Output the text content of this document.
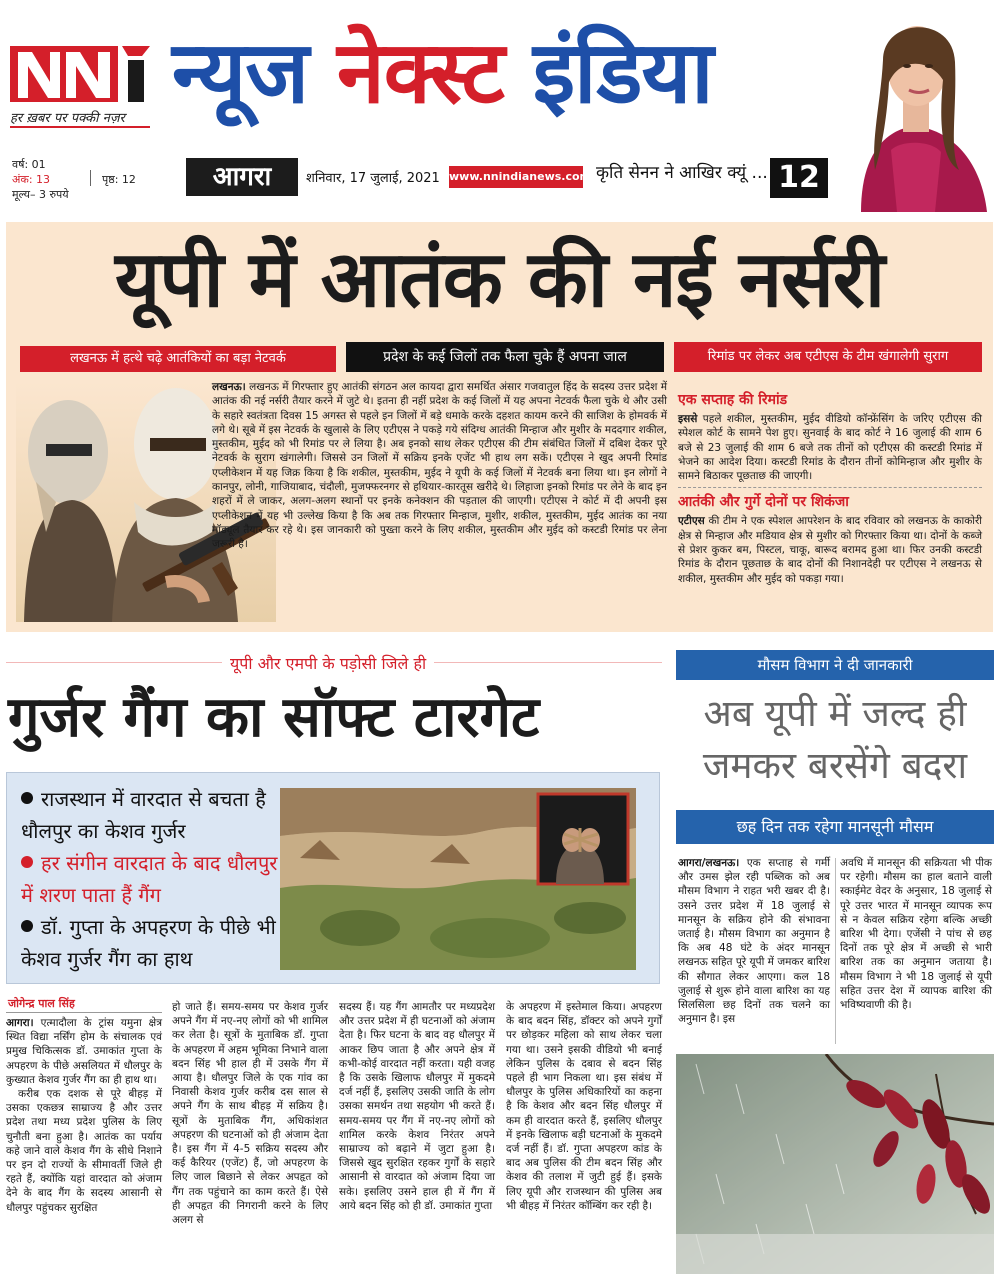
हर ख़बर पर पक्की नज़र न्यूज नेक्स्ट इंडिया
वर्ष: 01
अंक: 13
मूल्य– 3 रुपये
पृष्ठ: 12	आगरा	शनिवार, 17 जुलाई, 2021 www.nnindianews.com कृति सेनन ने आखिर क्यूं ... 12
यूपी में आतंक की नई नर्सरी
लखनऊ में हत्थे चढ़े आतंकियों का बड़ा नेटवर्क	प्रदेश के कई जिलों तक फैला चुके हैं अपना जाल	रिमांड पर लेकर अब एटीएस के टीम खंगालेगी सुराग
लखनऊ। लखनऊ में गिरफ्तार हुए आतंकी संगठन अल कायदा द्वारा समर्थित अंसार गजवातुल हिंद के सदस्य उत्तर प्रदेश में आतंक की नई नर्सरी तैयार करने में जुटे थे। इतना ही नहीं प्रदेश के कई जिलों में यह अपना नेटवर्क फैला चुके थे और उसी के सहारे स्वतंत्रता दिवस 15 अगस्त से पहले इन जिलों में बड़े धमाके करके दहशत कायम करने की साजिश के होमवर्क में लगे थे। सूबे में इस नेटवर्क के खुलासे के लिए एटीएस ने पकड़े गये संदिग्ध आतंकी मिन्हाज और मुशीर के मददगार शकील, मुस्तकीम, मुईद को भी रिमांड पर ले लिया है। अब इनको साथ लेकर एटीएस की टीम संबंधित जिलों में दबिश देकर पूरे नेटवर्क के सुराग खंगालेगी। जिससे उन जिलों में सक्रिय इनके एजेंट भी हाथ लग सकें। एटीएस ने खुद अपनी रिमांड एप्लीकेशन में यह जिक्र किया है कि शकील, मुस्तकीम, मुईद ने यूपी के कई जिलों में नेटवर्क बना लिया था। इन लोगों ने कानपुर, लोनी, गाजियाबाद, चंदौली, मुजफ्फरनगर से हथियार-कारतूस खरीदे थे। लिहाजा इनको रिमांड पर लेने के बाद इन शहरों में ले जाकर, अलग-अलग स्थानों पर इनके कनेक्शन की पड़ताल की जाएगी। एटीएस ने कोर्ट में दी अपनी इस एप्लीकेशन में यह भी उल्लेख किया है कि अब तक गिरफ्तार मिन्हाज, मुशीर, शकील, मुस्तकीम, मुईद आतंक का नया मॉड्यूल तैयार कर रहे थे। इस जानकारी को पुख्ता करने के लिए शकील, मुस्तकीम और मुईद को कस्टडी रिमांड पर लेना जरूरी है।
एक सप्ताह की रिमांड

इससे पहले शकील, मुस्तकीम, मुईद वीडियो कॉन्फ्रेंसिंग के जरिए एटीएस की स्पेशल कोर्ट के सामने पेश हुए। सुनवाई के बाद कोर्ट ने 16 जुलाई की शाम 6 बजे से 23 जुलाई की शाम 6 बजे तक तीनों को एटीएस की कस्टडी रिमांड में भेजने का आदेश दिया। कस्टडी रिमांड के दौरान तीनों कोमिन्हाज और मुशीर के सामने बिठाकर पूछताछ की जाएगी।

आतंकी और गुर्गे दोनों पर शिकंजा

एटीएस की टीम ने एक स्पेशल आपरेशन के बाद रविवार को लखनऊ के काकोरी क्षेत्र से मिन्हाज और मडियाव क्षेत्र से मुशीर को गिरफ्तार किया था। दोनों के कब्जे से प्रेशर कुकर बम, पिस्टल, चाकू, बारूद बरामद हुआ था। फिर उनकी कस्टडी रिमांड के दौरान पूछताछ के बाद दोनों की निशानदेही पर एटीएस ने लखनऊ से शकील, मुस्तकीम और मुईद को पकड़ा गया।

यूपी और एमपी के पड़ोसी जिले ही
गुर्जर गैंग का सॉफ्ट टारगेट
राजस्थान में वारदात से बचता है धौलपुर का केशव गुर्जर
हर संगीन वारदात के बाद धौलपुर में शरण पाता हैं गैंग
डॉ. गुप्ता के अपहरण के पीछे भी केशव गुर्जर गैंग का हाथ
जोगेन्द्र पाल सिंह

आगरा। एत्मादौला के ट्रांस यमुना क्षेत्र स्थित विद्या नर्सिंग होम के संचालक एवं प्रमुख चिकित्सक डॉ. उमाकांत गुप्ता के अपहरण के पीछे असलियत में धौलपुर के कुख्यात केशव गुर्जर गैंग का ही हाथ था।

करीब एक दशक से पूरे बीहड़ में उसका एकछत्र साम्राज्य है और उत्तर प्रदेश तथा मध्य प्रदेश पुलिस के लिए चुनौती बना हुआ है। आतंक का पर्याय कहे जाने वाले केशव गैंग के सीधे निशाने पर इन दो राज्यों के सीमावर्ती जिले ही रहते हैं, क्योंकि यहां वारदात को अंजाम देने के बाद गैंग के सदस्य आसानी से धौलपुर पहुंचकर सुरक्षित

हो जाते हैं। समय-समय पर केशव गुर्जर अपने गैंग में नए-नए लोगों को भी शामिल कर लेता है। सूत्रों के मुताबिक डॉ. गुप्ता के अपहरण में अहम भूमिका निभाने वाला बदन सिंह भी हाल ही में उसके गैंग में आया है। धौलपुर जिले के एक गांव का निवासी केशव गुर्जर करीब दस साल से अपने गैंग के साथ बीहड़ में सक्रिय है। सूत्रों के मुताबिक गैंग, अधिकांशत अपहरण की घटनाओं को ही अंजाम देता है। इस गैंग में 4-5 सक्रिय सदस्य और कई कैरियर (एजेंट) हैं, जो अपहरण के लिए जाल बिछाने से लेकर अपहृत को गैंग तक पहुंचाने का काम करते हैं। ऐसे ही अपहृत की निगरानी करने के लिए अलग से

सदस्य हैं। यह गैंग आमतौर पर मध्यप्रदेश और उत्तर प्रदेश में ही घटनाओं को अंजाम देता है। फिर घटना के बाद वह धौलपुर में आकर छिप जाता है और अपने क्षेत्र में कभी-कोई वारदात नहीं करता। यही वजह है कि उसके खिलाफ धौलपुर में मुकदमे दर्ज नहीं हैं, इसलिए उसकी जाति के लोग उसका समर्थन तथा सहयोग भी करते हैं। समय-समय पर गैंग में नए-नए लोगों को शामिल करके केशव निरंतर अपने साम्राज्य को बढ़ाने में जुटा हुआ है। जिससे खुद सुरक्षित रहकर गुर्गों के सहारे आसानी से वारदात को अंजाम दिया जा सके। इसलिए उसने हाल ही में गैंग में आये बदन सिंह को ही डॉ. उमाकांत गुप्ता

के अपहरण में इस्तेमाल किया। अपहरण के बाद बदन सिंह, डॉक्टर को अपने गुर्गों पर छोड़कर महिला को साथ लेकर चला गया था। उसने इसकी वीडियो भी बनाई लेकिन पुलिस के दबाव से बदन सिंह पहले ही भाग निकला था। इस संबंध में धौलपुर के पुलिस अधिकारियों का कहना है कि केशव और बदन सिंह धौलपुर में कम ही वारदात करते हैं, इसलिए धौलपुर में इनके खिलाफ बड़ी घटनाओं के मुकदमे दर्ज नहीं हैं। डॉ. गुप्ता अपहरण कांड के बाद अब पुलिस की टीम बदन सिंह और केशव की तलाश में जुटी हुई हैं। इसके लिए यूपी और राजस्थान की पुलिस अब भी बीहड़ में निरंतर कॉम्बिंग कर रही है।

मौसम विभाग ने दी जानकारी
अब यूपी में जल्द ही जमकर बरसेंगे बदरा
छह दिन तक रहेगा मानसूनी मौसम
आगरा/लखनऊ। एक सप्ताह से गर्मी और उमस झेल रही पब्लिक को अब मौसम विभाग ने राहत भरी खबर दी है। उसने उत्तर प्रदेश में 18 जुलाई से मानसून के सक्रिय होने की संभावना जताई है। मौसम विभाग का अनुमान है कि अब 48 घंटे के अंदर मानसून लखनऊ सहित पूरे यूपी में जमकर बारिश की सौगात लेकर आएगा। कल 18 जुलाई से शुरू होने वाला बारिश का यह सिलसिला छह दिनों तक चलने का अनुमान है। इस
अवधि में मानसून की सक्रियता भी पीक पर रहेगी। मौसम का हाल बताने वाली स्काईमेट वेदर के अनुसार, 18 जुलाई से पूरे उत्तर भारत में मानसून व्यापक रूप से न केवल सक्रिय रहेगा बल्कि अच्छी बारिश भी देगा। एजेंसी ने पांच से छह दिनों तक पूरे क्षेत्र में अच्छी से भारी बारिश तक का अनुमान जताया है। मौसम विभाग ने भी 18 जुलाई से यूपी सहित उत्तर देश में व्यापक बारिश की भविष्यवाणी की है।
